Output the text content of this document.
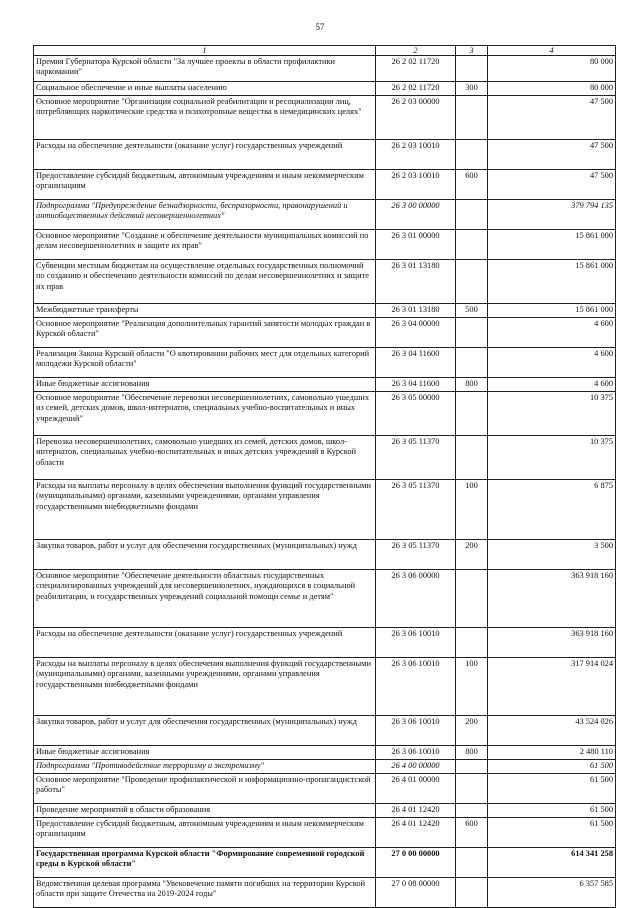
57
1	2	3	4
Премия Губернатора Курской области "За лучшее проекты в области профилактики наркомании"	26 2 02 11720		80 000
Социальное обеспечение и иные выплаты населению	26 2 02 11720	300	80 000
Основное мероприятие "Организация социальной реабилитации и ресоциализации лиц, потребляющих наркотические средства и психотропные вещества в немедицинских целях"	26 2 03 00000		47 500
Расходы на обеспечение деятельности (оказание услуг) государственных учреждений	26 2 03 10010		47 500
Предоставление субсидий бюджетным, автономным учреждениям и иным некоммерческим организациям	26 2 03 10010	600	47 500
Подпрограмма "Предупреждение безнадзорности, беспризорности, правонарушений и антиобщественных действий несовершеннолетних"	26 3 00 00000		379 794 135
Основное мероприятие "Создание и обеспечение деятельности муниципальных комиссий по делам несовершеннолетних и защите их прав"	26 3 01 00000		15 861 000
Субвенции местным бюджетам на осуществление отдельных государственных полномочий по созданию и обеспечению деятельности комиссий по делам несовершеннолетних и защите их прав	26 3 01 13180		15 861 000
Межбюджетные трансферты	26 3 01 13180	500	15 861 000
Основное мероприятие "Реализация дополнительных гарантий занятости молодых граждан в Курской области"	26 3 04 00000		4 600
Реализация Закона Курской области "О квотировании рабочих мест для отдельных категорий молодежи Курской области"	26 3 04 11600		4 600
Иные бюджетные ассигнования	26 3 04 11600	800	4 600
Основное мероприятие "Обеспечение перевозки несовершеннолетних, самовольно ушедших из семей, детских домов, школ-интернатов, специальных учебно-воспитательных и иных учреждений"	26 3 05 00000		10 375
Перевозка несовершеннолетних, самовольно ушедших из семей, детских домов, школ-интернатов, специальных учебно-воспитательных и иных детских учреждений в Курской области	26 3 05 11370		10 375
Расходы на выплаты персоналу в целях обеспечения выполнения функций государственными (муниципальными) органами, казенными учреждениями, органами управления государственными внебюджетными фондами	26 3 05 11370	100	6 875
Закупка товаров, работ и услуг для обеспечения государственных (муниципальных) нужд	26 3 05 11370	200	3 500
Основное мероприятие "Обеспечение деятельности областных государственных специализированных учреждений для несовершеннолетних, нуждающихся в социальной реабилитации, и государственных учреждений социальной помощи семье и детям"	26 3 06 00000		363 918 160
Расходы на обеспечение деятельности (оказание услуг) государственных учреждений	26 3 06 10010		363 918 160
Расходы на выплаты персоналу в целях обеспечения выполнения функций государственными (муниципальными) органами, казенными учреждениями, органами управления государственными внебюджетными фондами	26 3 06 10010	100	317 914 024
Закупка товаров, работ и услуг для обеспечения государственных (муниципальных) нужд	26 3 06 10010	200	43 524 026
Иные бюджетные ассигнования	26 3 06 10010	800	2 480 110
Подпрограмма "Противодействие терроризму и экстремизму"	26 4 00 00000		61 500
Основное мероприятие "Проведение профилактической и информационно-пропагандистской работы"	26 4 01 00000		61 500
Проведение мероприятий в области образования	26 4 01 12420		61 500
Предоставление субсидий бюджетным, автономным учреждениям и иным некоммерческим организациям	26 4 01 12420	600	61 500
Государственная программа Курской области "Формирование современной городской среды в Курской области"	27 0 00 00000		614 341 258
Ведомственная целевая программа "Увековечение памяти погибших на территории Курской области при защите Отечества на 2019-2024 годы"	27 0 08 00000		6 357 585
